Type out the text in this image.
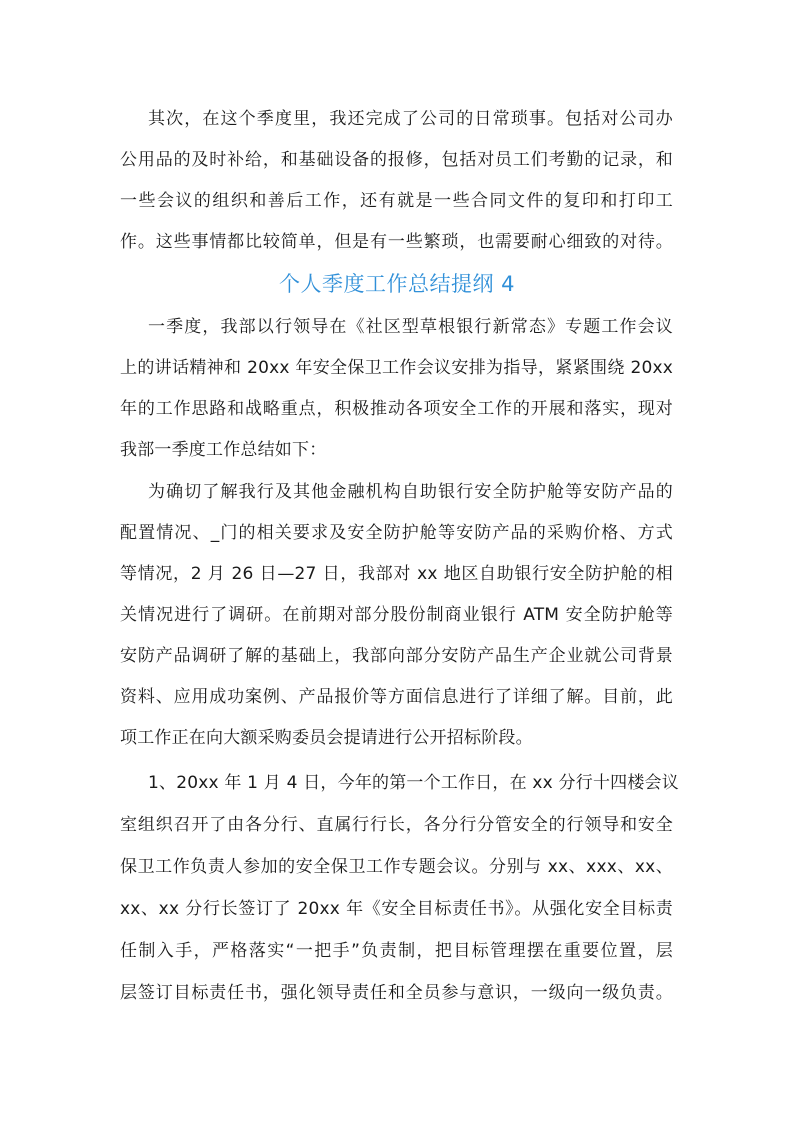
其次，在这个季度里，我还完成了公司的日常琐事。包括对公司办
公用品的及时补给，和基础设备的报修，包括对员工们考勤的记录，和
一些会议的组织和善后工作，还有就是一些合同文件的复印和打印工
作。这些事情都比较简单，但是有一些繁琐，也需要耐心细致的对待。
个人季度工作总结提纲 4
一季度，我部以行领导在《社区型草根银行新常态》专题工作会议
上的讲话精神和 20xx 年安全保卫工作会议安排为指导，紧紧围绕 20xx
年的工作思路和战略重点，积极推动各项安全工作的开展和落实，现对
我部一季度工作总结如下：
为确切了解我行及其他金融机构自助银行安全防护舱等安防产品的
配置情况、_门的相关要求及安全防护舱等安防产品的采购价格、方式
等情况，2 月 26 日—27 日，我部对 xx 地区自助银行安全防护舱的相
关情况进行了调研。在前期对部分股份制商业银行 ATM 安全防护舱等
安防产品调研了解的基础上，我部向部分安防产品生产企业就公司背景
资料、应用成功案例、产品报价等方面信息进行了详细了解。目前，此
项工作正在向大额采购委员会提请进行公开招标阶段。
1、20xx 年 1 月 4 日，今年的第一个工作日，在 xx 分行十四楼会议
室组织召开了由各分行、直属行行长，各分行分管安全的行领导和安全
保卫工作负责人参加的安全保卫工作专题会议。分别与 xx、xxx、xx、
xx、xx 分行长签订了 20xx 年《安全目标责任书》。从强化安全目标责
任制入手，严格落实“一把手”负责制，把目标管理摆在重要位置，层
层签订目标责任书，强化领导责任和全员参与意识，一级向一级负责。
